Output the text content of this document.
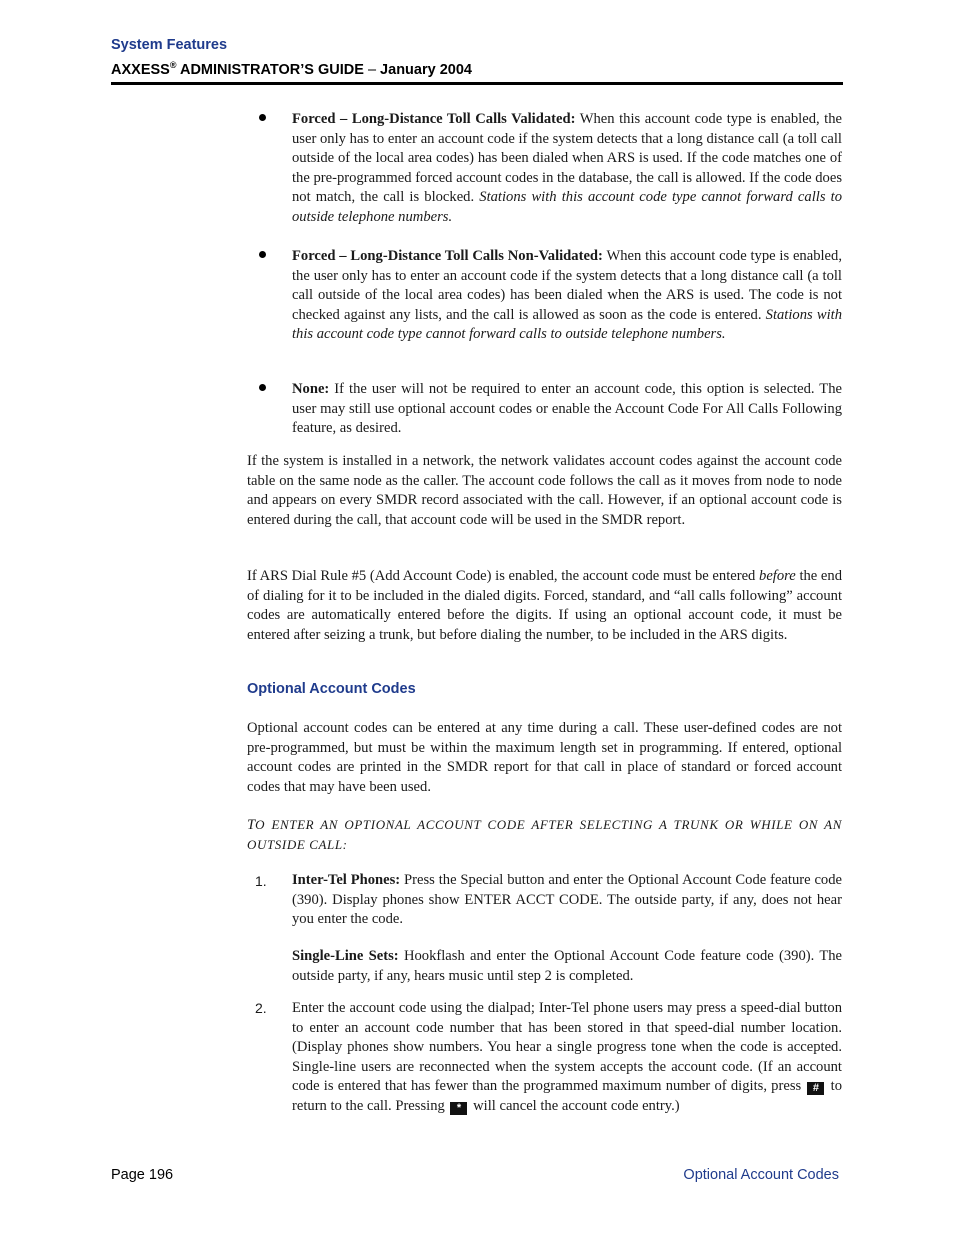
System Features
AXXESS® ADMINISTRATOR’S GUIDE – January 2004

Forced – Long-Distance Toll Calls Validated: When this account code type is enabled, the user only has to enter an account code if the system detects that a long distance call (a toll call outside of the local area codes) has been dialed when ARS is used. If the code matches one of the pre-programmed forced account codes in the database, the call is allowed. If the code does not match, the call is blocked. Stations with this account code type cannot forward calls to outside telephone numbers.

Forced – Long-Distance Toll Calls Non-Validated: When this account code type is enabled, the user only has to enter an account code if the system detects that a long distance call (a toll call outside of the local area codes) has been dialed when the ARS is used. The code is not checked against any lists, and the call is allowed as soon as the code is entered. Stations with this account code type cannot forward calls to outside telephone numbers.

None: If the user will not be required to enter an account code, this option is selected. The user may still use optional account codes or enable the Account Code For All Calls Following feature, as desired.

If the system is installed in a network, the network validates account codes against the account code table on the same node as the caller. The account code follows the call as it moves from node to node and appears on every SMDR record associated with the call. However, if an optional account code is entered during the call, that account code will be used in the SMDR report.

If ARS Dial Rule #5 (Add Account Code) is enabled, the account code must be entered before the end of dialing for it to be included in the dialed digits. Forced, standard, and “all calls following” account codes are automatically entered before the digits. If using an optional account code, it must be entered after seizing a trunk, but before dialing the number, to be included in the ARS digits.

Optional Account Codes

Optional account codes can be entered at any time during a call. These user-defined codes are not pre-programmed, but must be within the maximum length set in programming. If entered, optional account codes are printed in the SMDR report for that call in place of standard or forced account codes that may have been used.

TO ENTER AN OPTIONAL ACCOUNT CODE AFTER SELECTING A TRUNK OR WHILE ON AN OUTSIDE CALL:

1. Inter-Tel Phones: Press the Special button and enter the Optional Account Code feature code (390). Display phones show ENTER ACCT CODE. The outside party, if any, does not hear you enter the code.

Single-Line Sets: Hookflash and enter the Optional Account Code feature code (390). The outside party, if any, hears music until step 2 is completed.

2. Enter the account code using the dialpad; Inter-Tel phone users may press a speed-dial button to enter an account code number that has been stored in that speed-dial number location. (Display phones show numbers. You hear a single progress tone when the code is accepted. Single-line users are reconnected when the system accepts the account code. (If an account code is entered that has fewer than the programmed maximum number of digits, press # to return to the call. Pressing * will cancel the account code entry.)

Page 196	Optional Account Codes
